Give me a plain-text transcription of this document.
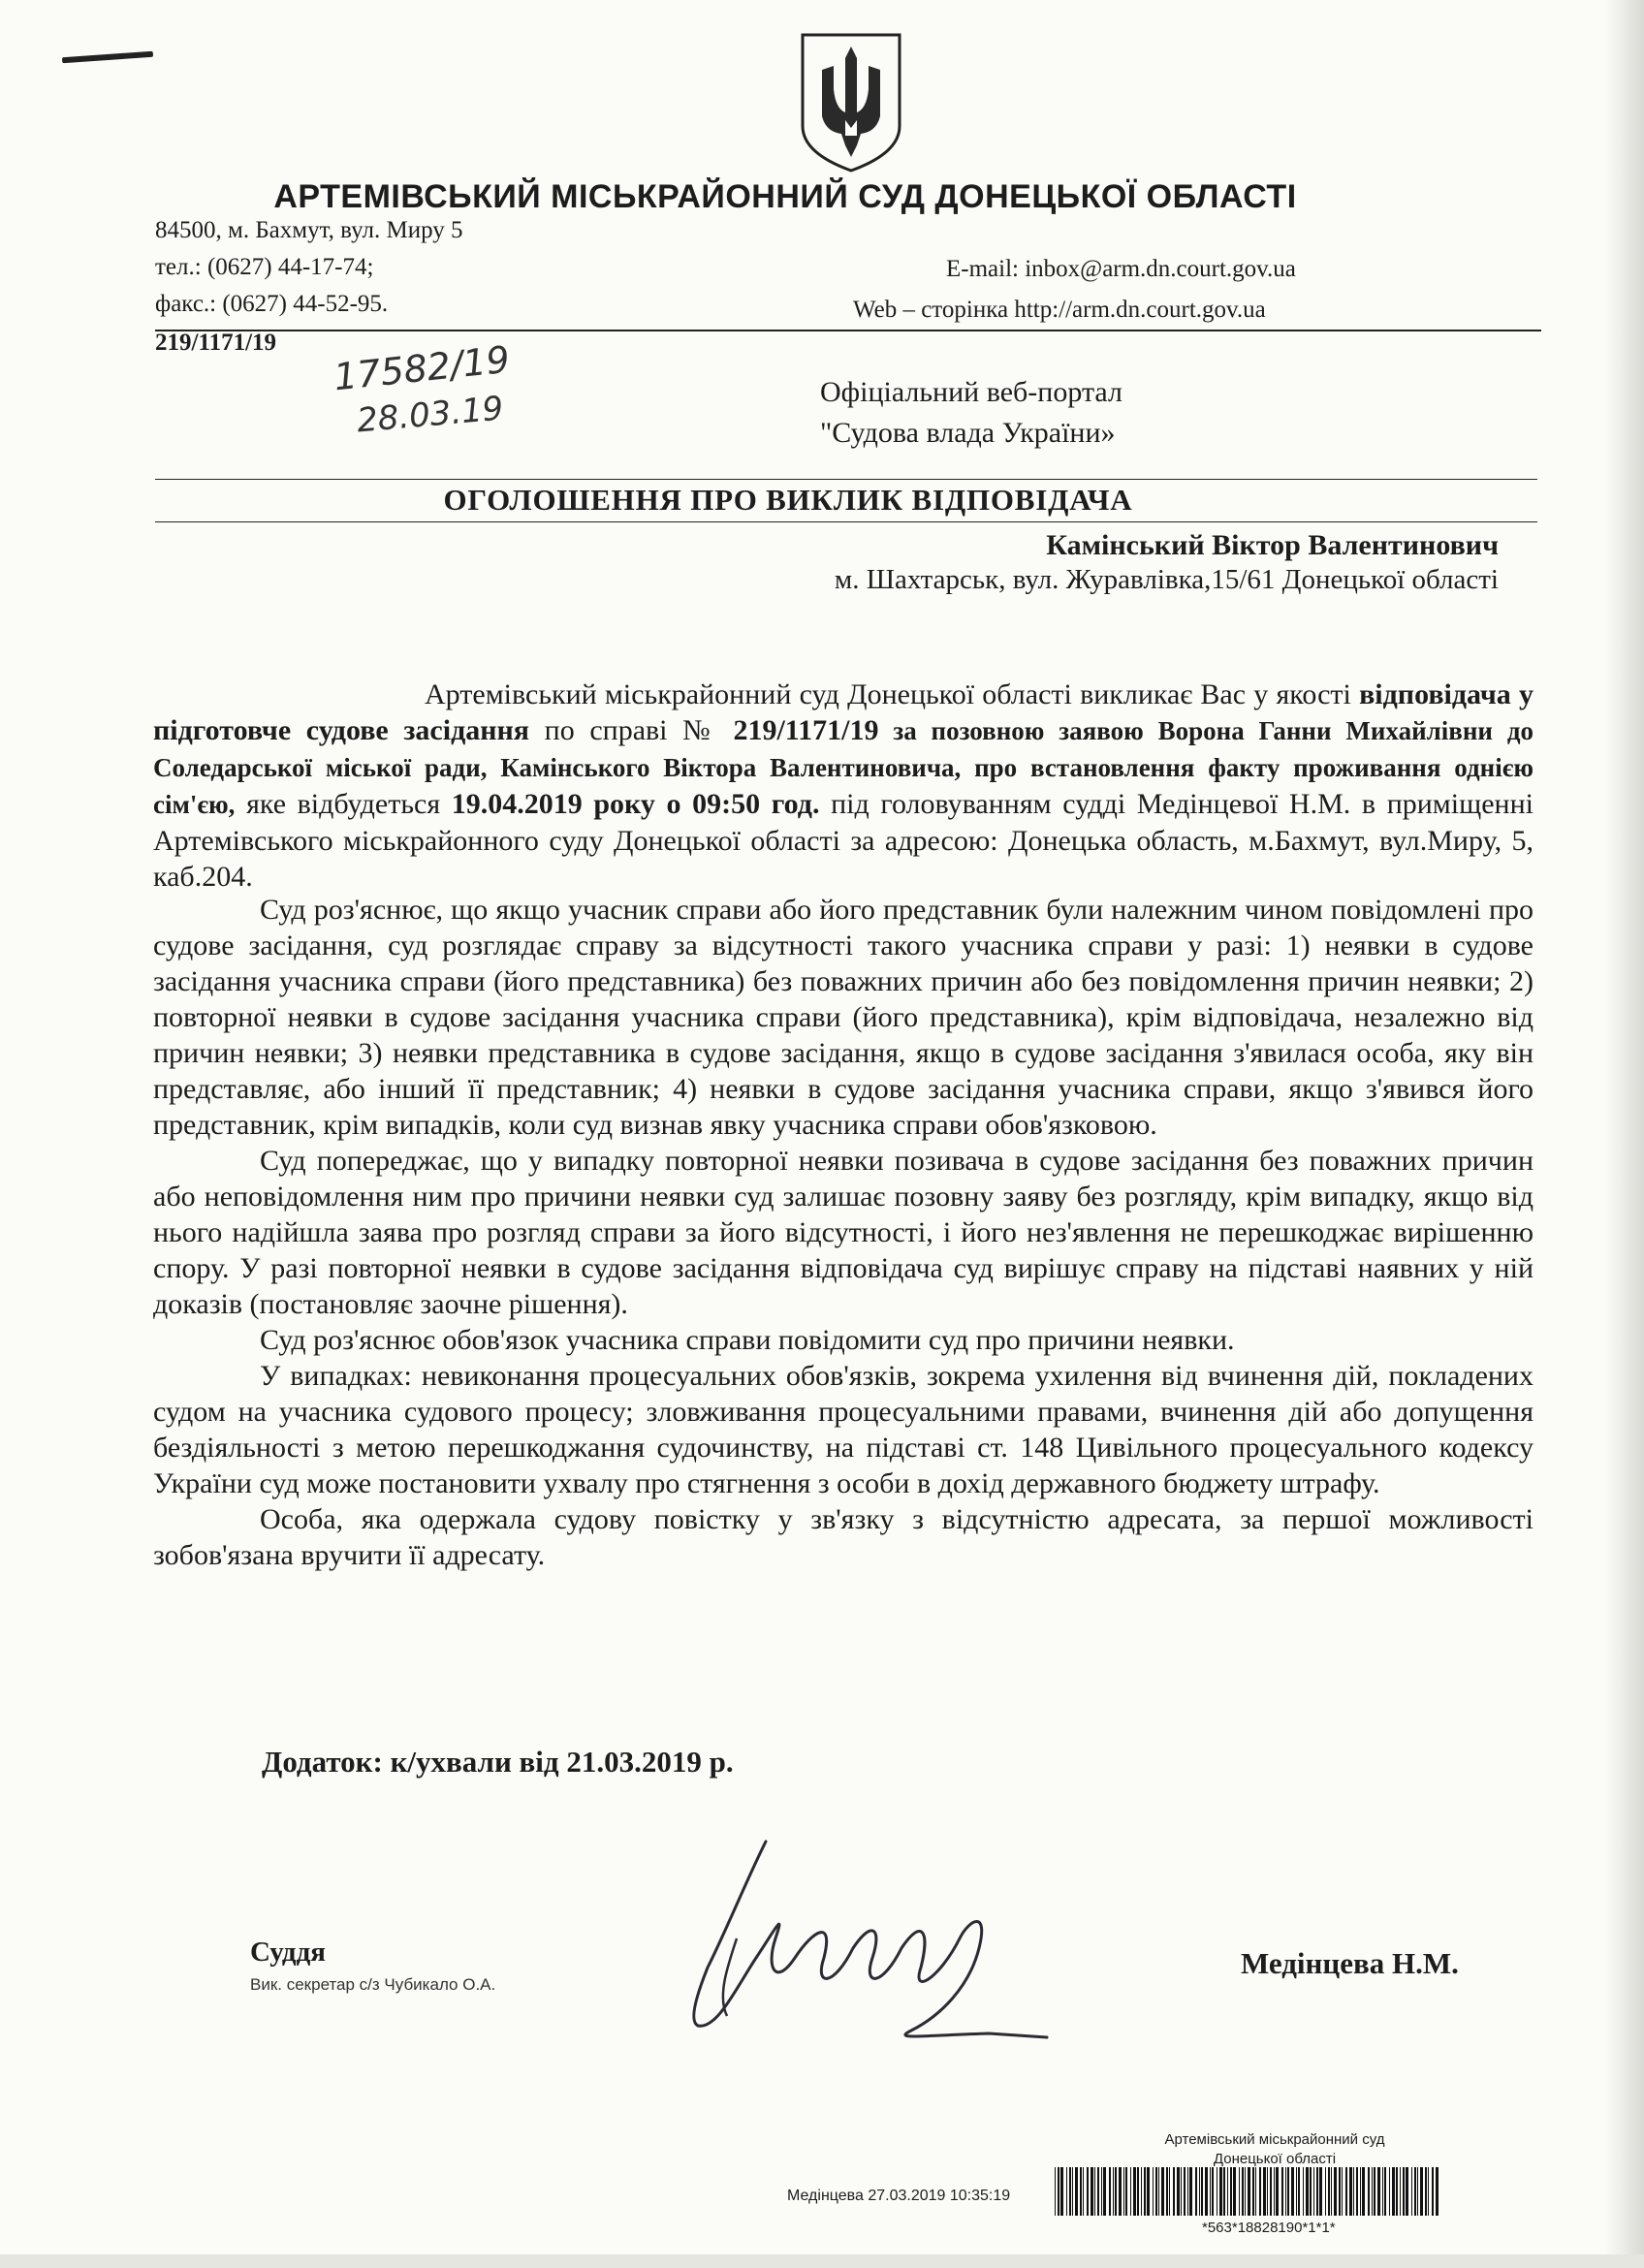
АРТЕМІВСЬКИЙ МІСЬКРАЙОННИЙ СУД ДОНЕЦЬКОЇ ОБЛАСТІ
84500, м. Бахмут, вул. Миру 5
тел.: (0627) 44-17-74;
факс.: (0627) 44-52-95.
E-mail: inbox@arm.dn.court.gov.ua
Web – сторінка http://arm.dn.court.gov.ua
219/1171/19 17582/19
28.03.19	Офіціальний веб-портал
"Судова влада України»
ОГОЛОШЕННЯ ПРО ВИКЛИК ВІДПОВІДАЧА
Камінський Віктор Валентинович
м. Шахтарськ, вул. Журавлівка,15/61 Донецької області

Артемівський міськрайонний суд Донецької області викликає Вас у якості відповідача у підготовче судове засідання по справі № 219/1171/19 за позовною заявою Ворона Ганни Михайлівни до Соледарської міської ради, Камінського Віктора Валентиновича, про встановлення факту проживання однією сім'єю, яке відбудеться 19.04.2019 року о 09:50 год. під головуванням судді Медінцевої Н.М. в приміщенні Артемівського міськрайонного суду Донецької області за адресою: Донецька область, м.Бахмут, вул.Миру, 5, каб.204.

Суд роз'яснює, що якщо учасник справи або його представник були належним чином повідомлені про судове засідання, суд розглядає справу за відсутності такого учасника справи у разі: 1) неявки в судове засідання учасника справи (його представника) без поважних причин або без повідомлення причин неявки; 2) повторної неявки в судове засідання учасника справи (його представника), крім відповідача, незалежно від причин неявки; 3) неявки представника в судове засідання, якщо в судове засідання з'явилася особа, яку він представляє, або інший її представник; 4) неявки в судове засідання учасника справи, якщо з'явився його представник, крім випадків, коли суд визнав явку учасника справи обов'язковою.

Суд попереджає, що у випадку повторної неявки позивача в судове засідання без поважних причин або неповідомлення ним про причини неявки суд залишає позовну заяву без розгляду, крім випадку, якщо від нього надійшла заява про розгляд справи за його відсутності, і його нез'явлення не перешкоджає вирішенню спору. У разі повторної неявки в судове засідання відповідача суд вирішує справу на підставі наявних у ній доказів (постановляє заочне рішення).

Суд роз'яснює обов'язок учасника справи повідомити суд про причини неявки.

У випадках: невиконання процесуальних обов'язків, зокрема ухилення від вчинення дій, покладених судом на учасника судового процесу; зловживання процесуальними правами, вчинення дій або допущення бездіяльності з метою перешкоджання судочинству, на підставі ст. 148 Цивільного процесуального кодексу України суд може постановити ухвалу про стягнення з особи в дохід державного бюджету штрафу.

Особа, яка одержала судову повістку у зв'язку з відсутністю адресата, за першої можливості зобов'язана вручити її адресату.

Додаток: к/ухвали від 21.03.2019 р.
Суддя
Вик. секретар с/з Чубикало О.А.
Медінцева Н.М.
Артемівський міськрайонний суд
Донецької області
Медінцева 27.03.2019 10:35:19
*563*18828190*1*1*
